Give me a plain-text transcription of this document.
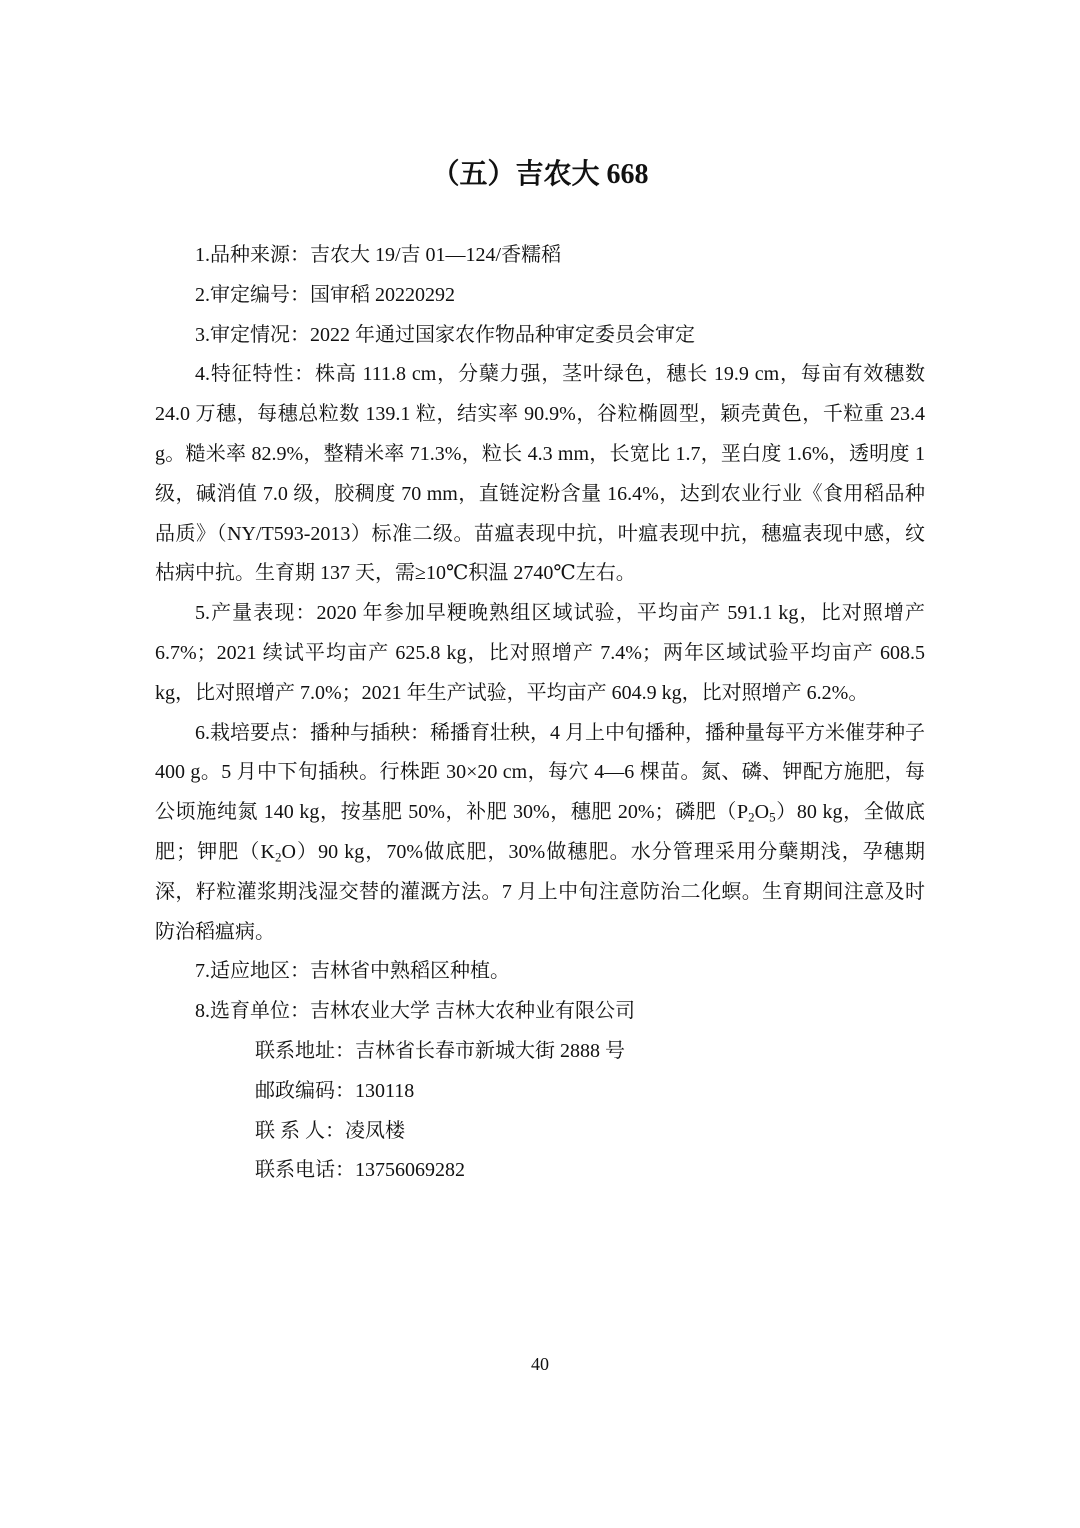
（五）吉农大 668

1.品种来源：吉农大 19/吉 01—124/香糯稻

2.审定编号：国审稻 20220292

3.审定情况：2022 年通过国家农作物品种审定委员会审定

4.特征特性：株高 111.8 cm，分蘖力强，茎叶绿色，穗长 19.9 cm，每亩有效穗数 24.0 万穗，每穗总粒数 139.1 粒，结实率 90.9%，谷粒椭圆型，颖壳黄色，千粒重 23.4 g。糙米率 82.9%，整精米率 71.3%，粒长 4.3 mm，长宽比 1.7，垩白度 1.6%，透明度 1 级，碱消值 7.0 级，胶稠度 70 mm，直链淀粉含量 16.4%，达到农业行业《食用稻品种品质》（NY/T593-2013）标准二级。苗瘟表现中抗，叶瘟表现中抗，穗瘟表现中感，纹枯病中抗。生育期 137 天，需≥10℃积温 2740℃左右。

5.产量表现：2020 年参加早粳晚熟组区域试验，平均亩产 591.1 kg，比对照增产 6.7%；2021 续试平均亩产 625.8 kg，比对照增产 7.4%；两年区域试验平均亩产 608.5 kg，比对照增产 7.0%；2021 年生产试验，平均亩产 604.9 kg，比对照增产 6.2%。

6.栽培要点：播种与插秧：稀播育壮秧，4 月上中旬播种，播种量每平方米催芽种子 400 g。5 月中下旬插秧。行株距 30×20 cm，每穴 4—6 棵苗。氮、磷、钾配方施肥，每公顷施纯氮 140 kg，按基肥 50%，补肥 30%，穗肥 20%；磷肥$(P_2O_5)80$ kg，全做底肥；钾肥$(K_2O)90$ kg，70%做底肥，30%做穗肥。水分管理采用分蘖期浅，孕穗期深，籽粒灌浆期浅湿交替的灌溉方法。7 月上中旬注意防治二化螟。生育期间注意及时防治稻瘟病。

7.适应地区：吉林省中熟稻区种植。

8.选育单位：吉林农业大学 吉林大农种业有限公司

联系地址：吉林省长春市新城大街 2888 号

邮政编码：130118

联 系 人：凌凤楼

联系电话：13756069282

40
